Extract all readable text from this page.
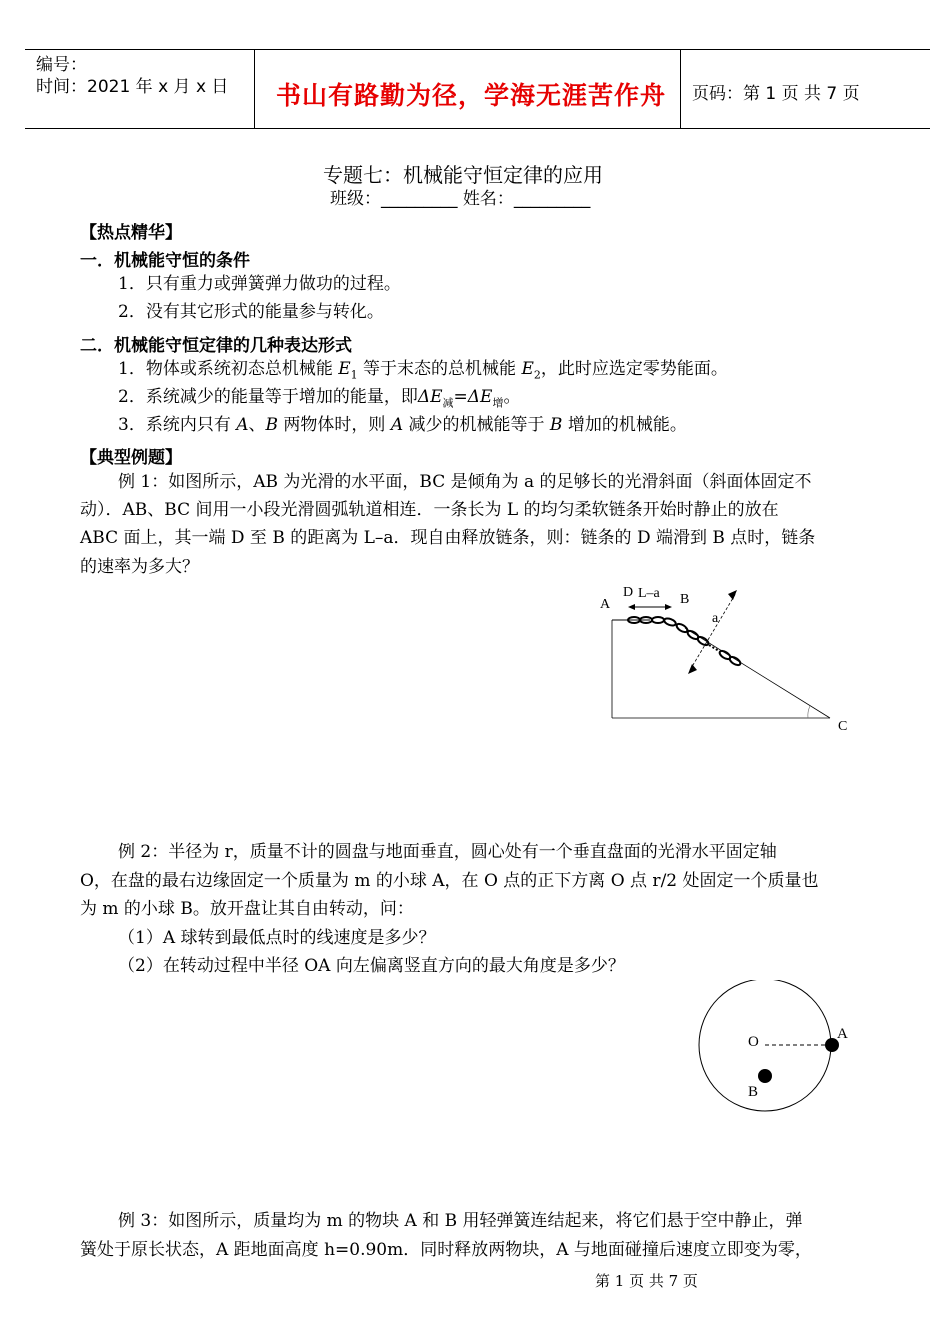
编号：
时间：2021 年 x 月 x 日 书山有路勤为径，学海无涯苦作舟 页码：第 1 页 共 7 页
专题七：机械能守恒定律的应用
班级：_________ 姓名：_________
【热点精华】
一．机械能守恒的条件
1．只有重力或弹簧弹力做功的过程。
2．没有其它形式的能量参与转化。
二．机械能守恒定律的几种表达形式
1．物体或系统初态总机械能 $E_1$ 等于末态的总机械能 $E_2$，此时应选定零势能面。
2．系统减少的能量等于增加的能量，即$\Delta E_减=\Delta E_增$。
3．系统内只有 A、B 两物体时，则 A 减少的机械能等于 B 增加的机械能。
【典型例题】
例 1：如图所示，AB 为光滑的水平面，BC 是倾角为 a 的足够长的光滑斜面（斜面体固定不
动）．AB、BC 间用一小段光滑圆弧轨道相连．一条长为 L 的均匀柔软链条开始时静止的放在
ABC 面上，其一端 D 至 B 的距离为 L–a．现自由释放链条，则：链条的 D 端滑到 B 点时，链条
的速率为多大？
A
D L–a B
a
C
例 2：半径为 r，质量不计的圆盘与地面垂直，圆心处有一个垂直盘面的光滑水平固定轴
O，在盘的最右边缘固定一个质量为 m 的小球 A，在 O 点的正下方离 O 点 r/2 处固定一个质量也
为 m 的小球 B。放开盘让其自由转动，问：
（1）A 球转到最低点时的线速度是多少？
（2）在转动过程中半径 OA 向左偏离竖直方向的最大角度是多少？
O	A
B
例 3：如图所示，质量均为 m 的物块 A 和 B 用轻弹簧连结起来，将它们悬于空中静止，弹
簧处于原长状态，A 距地面高度 h=0.90m．同时释放两物块，A 与地面碰撞后速度立即变为零，
第 1 页 共 7 页
